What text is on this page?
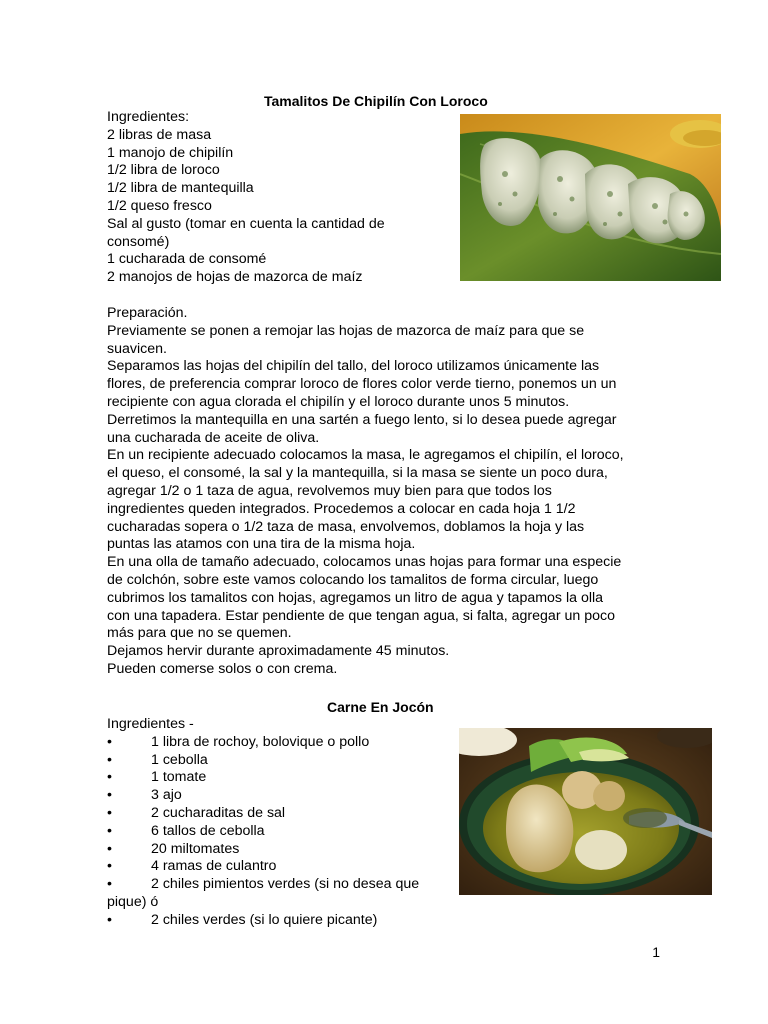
Tamalitos De Chipilín Con Loroco
Ingredientes:
2 libras de masa
1 manojo de chipilín
1/2 libra de loroco
1/2 libra de mantequilla
1/2 queso fresco
Sal al gusto (tomar en cuenta la cantidad de
consomé)
1 cucharada de consomé
2 manojos de hojas de mazorca de maíz
Preparación.
Previamente se ponen a remojar las hojas de mazorca de maíz para que se
suavicen.
Separamos las hojas del chipilín del tallo, del loroco utilizamos únicamente las
flores, de preferencia comprar loroco de flores color verde tierno, ponemos un un
recipiente con agua clorada el chipilín y el loroco durante unos 5 minutos.
Derretimos la mantequilla en una sartén a fuego lento, si lo desea puede agregar
una cucharada de aceite de oliva.
En un recipiente adecuado colocamos la masa, le agregamos el chipilín, el loroco,
el queso, el consomé, la sal y la mantequilla, si la masa se siente un poco dura,
agregar 1/2 o 1 taza de agua, revolvemos muy bien para que todos los
ingredientes queden integrados. Procedemos a colocar en cada hoja 1 1/2
cucharadas sopera o 1/2 taza de masa, envolvemos, doblamos la hoja y las
puntas las atamos con una tira de la misma hoja.
En una olla de tamaño adecuado, colocamos unas hojas para formar una especie
de colchón, sobre este vamos colocando los tamalitos de forma circular, luego
cubrimos los tamalitos con hojas, agregamos un litro de agua y tapamos la olla
con una tapadera. Estar pendiente de que tengan agua, si falta, agregar un poco
más para que no se quemen.
Dejamos hervir durante aproximadamente 45 minutos.
Pueden comerse solos o con crema.
Carne En Jocón
Ingredientes -
•	1 libra de rochoy, bolovique o pollo
•	1 cebolla
•	1 tomate
•	3 ajo
•	2 cucharaditas de sal
•	6 tallos de cebolla
•	20 miltomates
•	4 ramas de culantro
•	2 chiles pimientos verdes (si no desea que
pique) ó
•	2 chiles verdes (si lo quiere picante)
1
